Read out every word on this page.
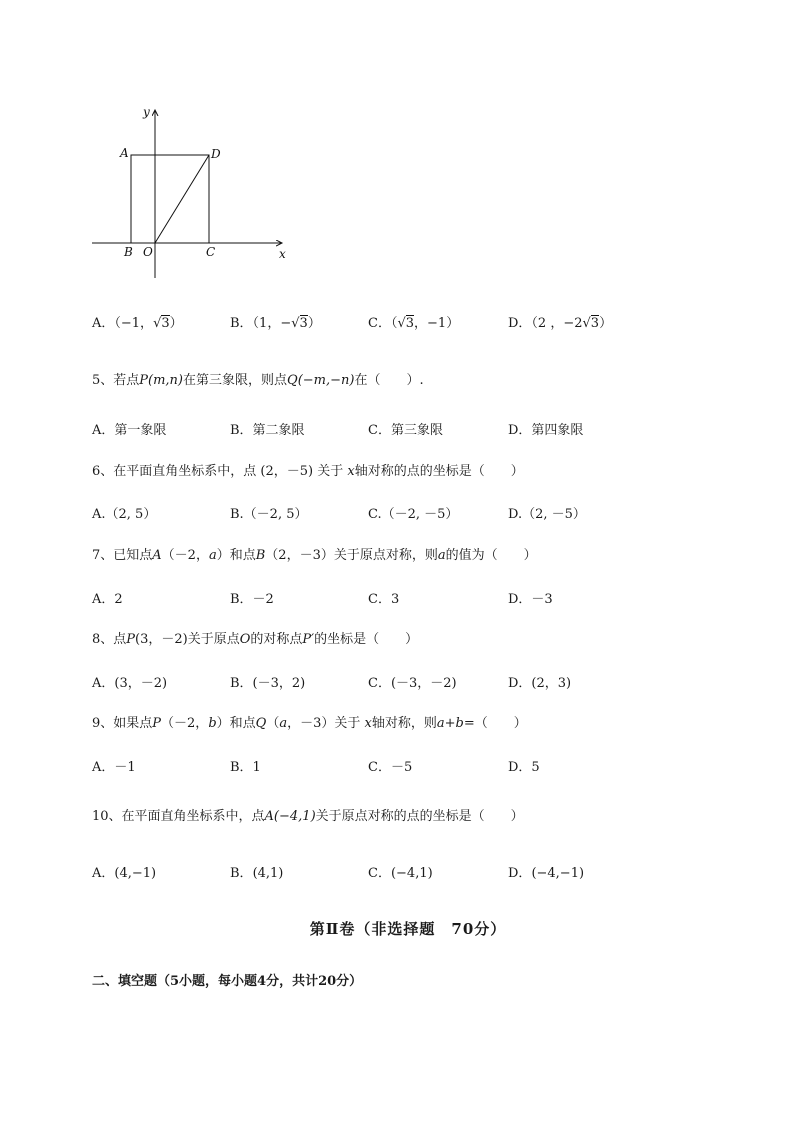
y
x
A	D
B O	C
A．（−1，√3）	B．（1，−√3）	C．（√3，−1）	D．（2 ，−2√3）
5、若点P(m,n)在第三象限，则点Q(−m,−n)在（　　）.
A．第一象限	B．第二象限	C．第三象限	D．第四象限
6、在平面直角坐标系中，点 (2，－5) 关于 x轴对称的点的坐标是（　　）
A.（2, 5）	B.（－2, 5）	C.（－2, －5）	D.（2, －5）
7、已知点A（－2，a）和点B（2，－3）关于原点对称，则a的值为（　　）
A．2	B．－2	C．3	D．－3
8、点P(3，－2)关于原点O的对称点P′的坐标是（　　）
A．(3，－2)	B．(－3，2)	C．(－3，－2)	D．(2，3)
9、如果点P（－2，b）和点Q（a，－3）关于 x轴对称，则a+b=（　　）
A．－1	B．1	C．－5	D．5
10、在平面直角坐标系中，点A(−4,1)关于原点对称的点的坐标是（　　）
A．(4,−1)	B．(4,1)	C．(−4,1)	D．(−4,−1)
第Ⅱ卷（非选择题　70分）
二、填空题（5小题，每小题4分，共计20分）
